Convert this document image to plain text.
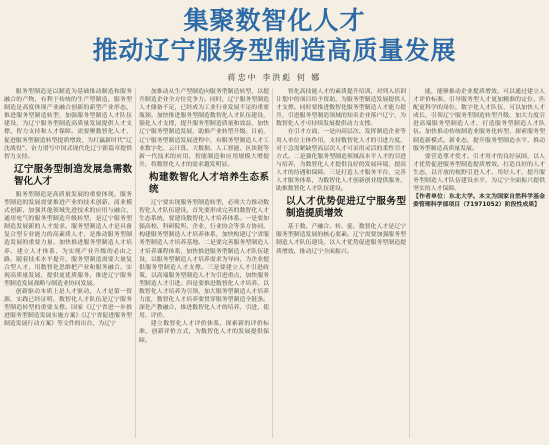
集聚数智化人才
推动辽宁服务型制造高质量发展
蒋忠中 李洪彪 何 娜

服务型制造是以制造为基础推动制造和服务融合的产物，有利于传统的生产型制造、服务型制造是高度体现产业融合创新的新型产业形态，推进服务型制造转型，加强服务型制造人才队伍建设，为辽宁服务型制造高质量发展提供人才支撑、智力支持和人才保障。需要聚数智化人才，促进服务型制造转型提质增效，为打赢新时代“辽沈战役”、奋力谱写中国式现代化辽宁新篇章提供智力支持。

辽宁服务型制造发展急需数智化人才

服务型制造是高质量发展的重要体现，服务型制造的发展需要推进产业的技术创新、商业模式创新、加强其他领域先进技术的应用与融合，通用电气的服务型制造升级转型，是辽宁服务型制造发展新的人才需求。服务型制造人才是具备复合型专业能力的高素质人才，是推动服务型制造发展的重要力量。加快推进服务型制造人才培养，建立人才体系，为实现产业升级的必由之路。随着技术水平提升，服务型制造需要大量复合型人才，用数智化思维把产业和服务融合、实现高质量发展，提供更优质服务，推进辽宁服务型制造发展战略与制造业协同发展。

创新驱动本质上是人才驱动，人才是第一资源，实践已经证明，数智化人才队伍是辽宁服务型制造转型的重要支撑。国家《辽宁省进一步推进服务型制造发展实施方案》《辽宁省促进服务型制造发展行动方案》等文件的出台，为辽宁

加推动从生产型制造向服务型制造转型，以提升制造企业全方位竞争力。同时，辽宁服务型制造人才储备不足，已经成为工业行业发展不足的重要瓶颈。加快推进服务型制造数智化人才队伍建设，强化人才支撑，提升服务型制造质量和效益，加快辽宁服务型制造发展，助推产业转型升级。目前，辽宁服务型制造发展进程中，有服务型制造人才工业数字化、云计算、大数据、人工智能、区块链等新一代技术的应用，智能制造和应用规模大增提升，将数智化人才的需求越发明显。

构建数智化人才培养生态系统

辽宁要实现服务型制造转型，必须大力推动数智化人才队伍建设，首先要形成完善的数智化人才生态系统，要建设数智化人才培养体系。一是要加强高校、科研院所、企业、行业协会等多方协同，构建服务型制造人才培养体系，加快构建辽宁省服务型制造人才培养基地。二是要完善服务型制造人才培养课程体系，加快推进服务型制造人才队伍建设，以服务型制造人才培养需求为导向，为企业提供服务型制造人才支撑。三是要建立人才引进政策，以高端服务型制造人才为引进重点，加快服务型制造人才引进。四是要推进数智化人才培养，以数智化人才培养为引领，加大服务型制造人才培养力度，数智化人才培养要贯穿服务型制造全链条。深化产教融合，推进数智化人才的培养、引进、使用、评价。

建立数智化人才评价体系，探索新的评价标准、创新评价方式，为数智化人才的发展提供保障。

智化高技能人才的素质提升培训，对列入培训计划中的项目给予资助，为服务型制造发展提供人才支撑。同时要推进数智化服务型制造人才能力提升，引进服务型制造领域的知名企业落户辽宁，为数智化人才可持续发展提供动力支撑。

在引才方面，一是向高层次、发挥制造企业等用人单位主体作用，支持数智化人才的引进力度，对于急需紧缺型高层次人才可采用灵活的柔性引才方式。二是强化服务型制造领域高水平人才的引进与培养，为数智化人才提供良好的发展环境，提高人才的待遇和保障。三是打造人才服务平台，完善人才服务体系，为数智化人才创新创业提供服务，助推数智化人才队伍建设。

以人才优势促进辽宁服务型制造提质增效

基于数、产融合、转、促、数智化人才是辽宁服务型制造发展的核心要素。辽宁需要加强服务型制造人才队伍建设，以人才优势促进服务型制造提质增效，推动辽宁全面振兴。

能，能够推动企业提质增效。可以通过建立人才评价标准、引导服务型人才更加精准的定位、匹配更科学的岗位，数字化人才队伍，可以加快人才成长，引领辽宁服务型制造转型升级，加大力度引进高端服务型制造人才，打造服务型制造人才队伍。加快推动传统制造业服务化转型，探索服务型制造新模式、新业态，提升服务型制造水平，推动服务型制造高质量发展。

要营造尊才爱才、引才用才的良好氛围，以人才优势促进服务型制造提质增效。打造良好的人才生态，以开放的视野引进人才、用好人才，提升服务型制造人才队伍建设水平，为辽宁全面振兴提供坚实的人才保障。

【作者单位：东北大学。本文为国家自然科学基金委管理科学部项目（71971052）阶段性成果】
